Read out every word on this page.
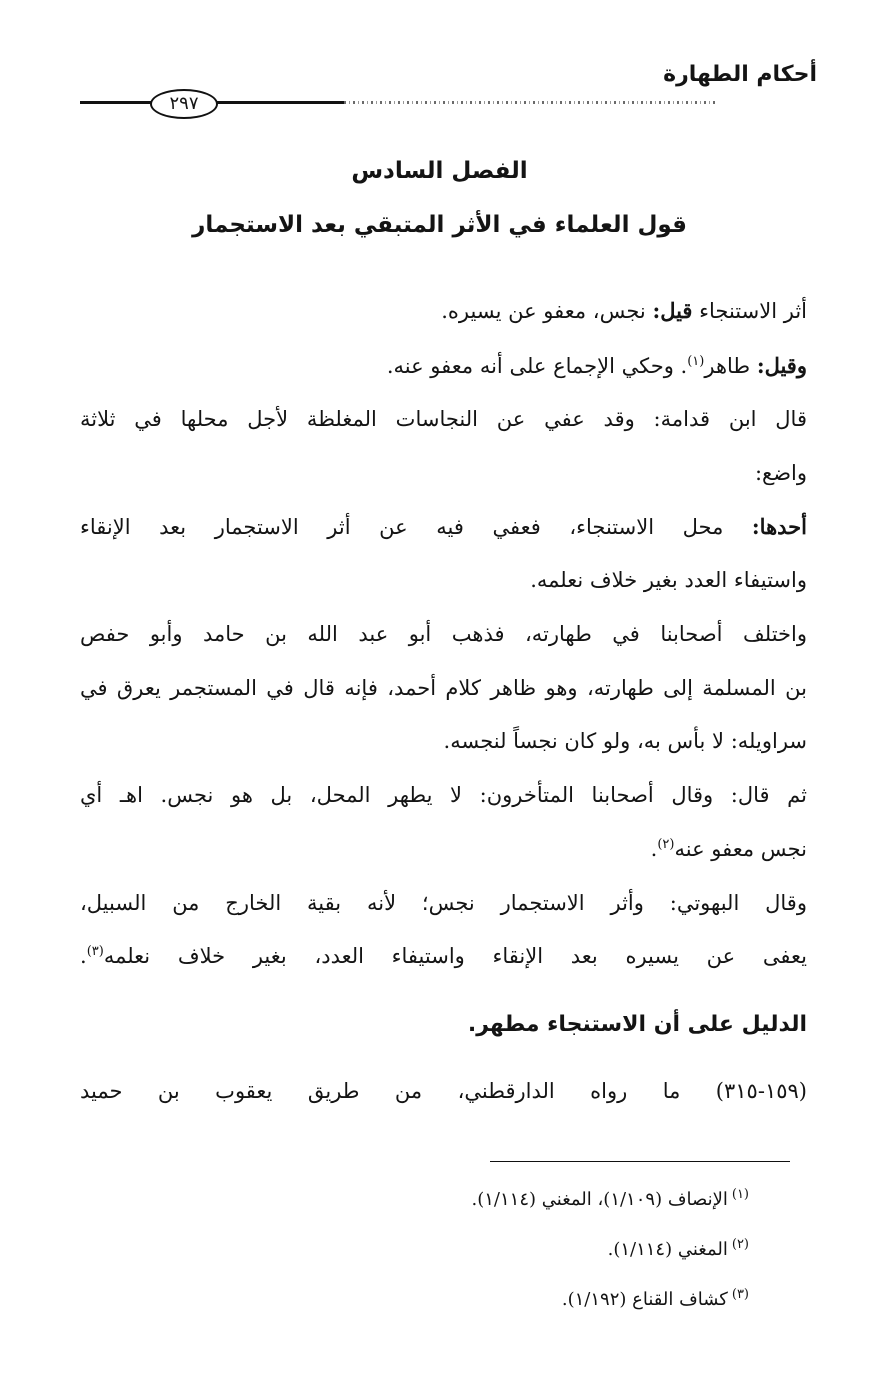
أحكام الطهارة
٢٩٧
الفصل السادس
قول العلماء في الأثر المتبقي بعد الاستجمار
أثر الاستنجاء قيل: نجس، معفو عن يسيره.
وقيل: طاهر$^{(١)}$. وحكي الإجماع على أنه معفو عنه.
قال ابن قدامة: وقد عفي عن النجاسات المغلظة لأجل محلها في ثلاثة
واضع:
أحدها: محل الاستنجاء، فعفي فيه عن أثر الاستجمار بعد الإنقاء
واستيفاء العدد بغير خلاف نعلمه.
واختلف أصحابنا في طهارته، فذهب أبو عبد الله بن حامد وأبو حفص
بن المسلمة إلى طهارته، وهو ظاهر كلام أحمد، فإنه قال في المستجمر يعرق في
سراويله: لا بأس به، ولو كان نجساً لنجسه.
ثم قال: وقال أصحابنا المتأخرون: لا يطهر المحل، بل هو نجس. اهـ أي
نجس معفو عنه$^{(٢)}$.
وقال البهوتي: وأثر الاستجمار نجس؛ لأنه بقية الخارج من السبيل،
يعفى عن يسيره بعد الإنقاء واستيفاء العدد، بغير خلاف نعلمه$^{(٣)}$.
الدليل على أن الاستنجاء مطهر.
(١٥٩-٣١٥) ما رواه الدارقطني، من طريق يعقوب بن حميد
$^{(١)}$الإنصاف (١/١٠٩)، المغني (١/١١٤).
$^{(٢)}$المغني (١/١١٤).
$^{(٣)}$كشاف القناع (١/١٩٢).
